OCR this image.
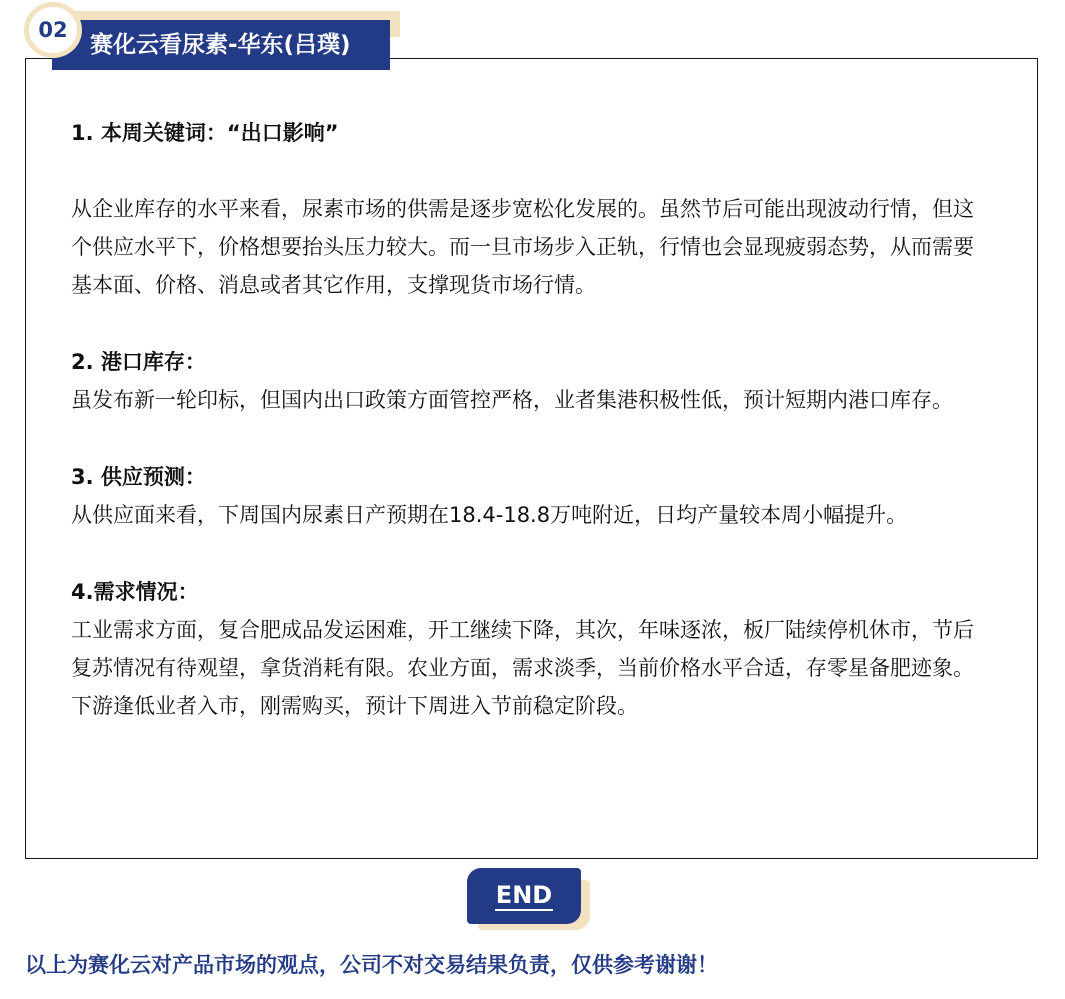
赛化云看尿素-华东(吕璞)
02
1. 本周关键词：“出口影响”

从企业库存的水平来看，尿素市场的供需是逐步宽松化发展的。虽然节后可能出现波动行情，但这个供应水平下，价格想要抬头压力较大。而一旦市场步入正轨，行情也会显现疲弱态势，从而需要基本面、价格、消息或者其它作用，支撑现货市场行情。

2. 港口库存：

虽发布新一轮印标，但国内出口政策方面管控严格，业者集港积极性低，预计短期内港口库存。

3. 供应预测：

从供应面来看，下周国内尿素日产预期在18.4-18.8万吨附近，日均产量较本周小幅提升。

4.需求情况：

工业需求方面，复合肥成品发运困难，开工继续下降，其次，年味逐浓，板厂陆续停机休市，节后复苏情况有待观望，拿货消耗有限。农业方面，需求淡季，当前价格水平合适，存零星备肥迹象。下游逢低业者入市，刚需购买，预计下周进入节前稳定阶段。

END
以上为赛化云对产品市场的观点，公司不对交易结果负责，仅供参考谢谢！
